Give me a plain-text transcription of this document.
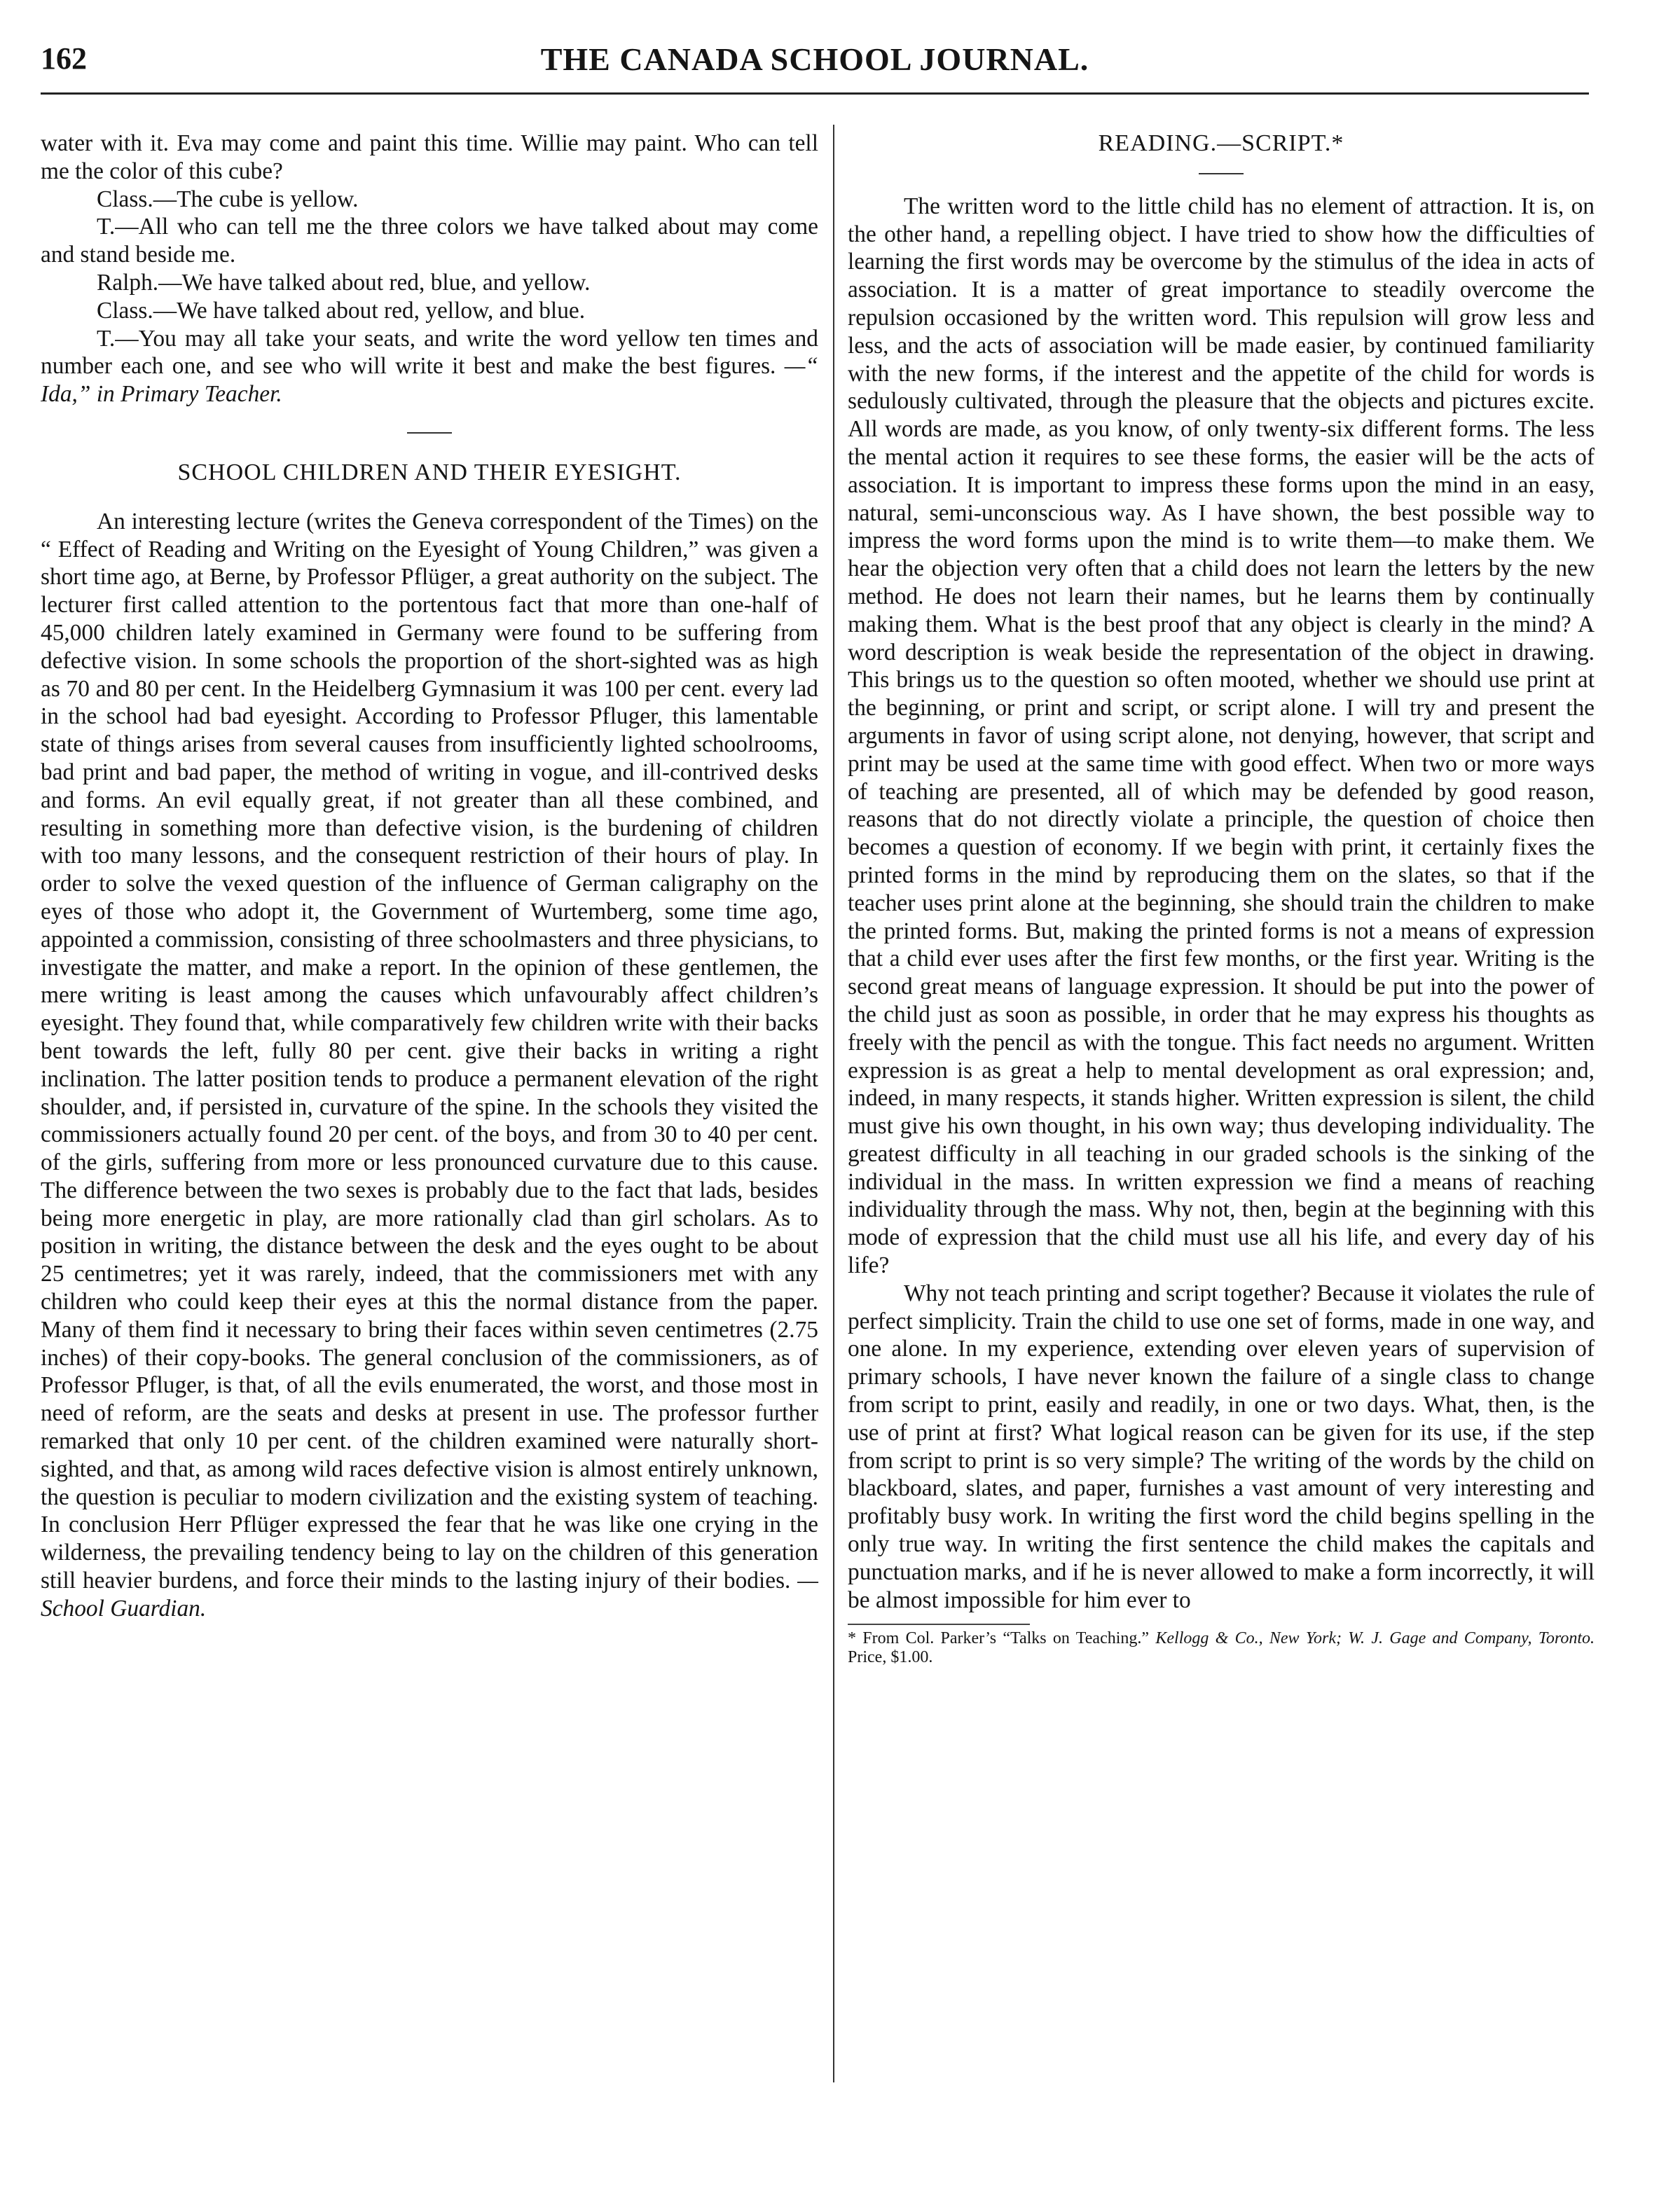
162	THE CANADA SCHOOL JOURNAL.

water with it. Eva may come and paint this time. Willie may paint. Who can tell me the color of this cube?

Class.—The cube is yellow.

T.—All who can tell me the three colors we have talked about may come and stand beside me.

Ralph.—We have talked about red, blue, and yellow.

Class.—We have talked about red, yellow, and blue.

T.—You may all take your seats, and write the word yellow ten times and number each one, and see who will write it best and make the best figures. —“ Ida,” in Primary Teacher.

SCHOOL CHILDREN AND THEIR EYESIGHT.

An interesting lecture (writes the Geneva correspondent of the Times) on the “ Effect of Reading and Writing on the Eyesight of Young Children,” was given a short time ago, at Berne, by Professor Pflüger, a great authority on the subject. The lecturer first called attention to the portentous fact that more than one-half of 45,000 children lately examined in Germany were found to be suffering from defective vision. In some schools the proportion of the short-sighted was as high as 70 and 80 per cent. In the Heidelberg Gymnasium it was 100 per cent. every lad in the school had bad eyesight. According to Professor Pfluger, this lamentable state of things arises from several causes from insufficiently lighted schoolrooms, bad print and bad paper, the method of writing in vogue, and ill-contrived desks and forms. An evil equally great, if not greater than all these combined, and resulting in something more than defective vision, is the burdening of children with too many lessons, and the consequent restriction of their hours of play. In order to solve the vexed question of the influence of German caligraphy on the eyes of those who adopt it, the Government of Wurtemberg, some time ago, appointed a commission, consisting of three schoolmasters and three physicians, to investigate the matter, and make a report. In the opinion of these gentlemen, the mere writing is least among the causes which unfavourably affect children’s eyesight. They found that, while comparatively few children write with their backs bent towards the left, fully 80 per cent. give their backs in writing a right inclination. The latter position tends to produce a permanent elevation of the right shoulder, and, if persisted in, curvature of the spine. In the schools they visited the commissioners actually found 20 per cent. of the boys, and from 30 to 40 per cent. of the girls, suffering from more or less pronounced curvature due to this cause. The difference between the two sexes is probably due to the fact that lads, besides being more energetic in play, are more rationally clad than girl scholars. As to position in writing, the distance between the desk and the eyes ought to be about 25 centimetres; yet it was rarely, indeed, that the commissioners met with any children who could keep their eyes at this the normal distance from the paper. Many of them find it necessary to bring their faces within seven centimetres (2.75 inches) of their copy-books. The general conclusion of the commissioners, as of Professor Pfluger, is that, of all the evils enumerated, the worst, and those most in need of reform, are the seats and desks at present in use. The professor further remarked that only 10 per cent. of the children examined were naturally short-sighted, and that, as among wild races defective vision is almost entirely unknown, the question is peculiar to modern civilization and the existing system of teaching. In conclusion Herr Pflüger expressed the fear that he was like one crying in the wilderness, the prevailing tendency being to lay on the children of this generation still heavier burdens, and force their minds to the lasting injury of their bodies. —School Guardian.

READING.—SCRIPT.*

The written word to the little child has no element of attraction. It is, on the other hand, a repelling object. I have tried to show how the difficulties of learning the first words may be overcome by the stimulus of the idea in acts of association. It is a matter of great importance to steadily overcome the repulsion occasioned by the written word. This repulsion will grow less and less, and the acts of association will be made easier, by continued familiarity with the new forms, if the interest and the appetite of the child for words is sedulously cultivated, through the pleasure that the objects and pictures excite. All words are made, as you know, of only twenty-six different forms. The less the mental action it requires to see these forms, the easier will be the acts of association. It is important to impress these forms upon the mind in an easy, natural, semi-unconscious way. As I have shown, the best possible way to impress the word forms upon the mind is to write them—to make them. We hear the objection very often that a child does not learn the letters by the new method. He does not learn their names, but he learns them by continually making them. What is the best proof that any object is clearly in the mind? A word description is weak beside the representation of the object in drawing. This brings us to the question so often mooted, whether we should use print at the beginning, or print and script, or script alone. I will try and present the arguments in favor of using script alone, not denying, however, that script and print may be used at the same time with good effect. When two or more ways of teaching are presented, all of which may be defended by good reason, reasons that do not directly violate a principle, the question of choice then becomes a question of economy. If we begin with print, it certainly fixes the printed forms in the mind by reproducing them on the slates, so that if the teacher uses print alone at the beginning, she should train the children to make the printed forms. But, making the printed forms is not a means of expression that a child ever uses after the first few months, or the first year. Writing is the second great means of language expression. It should be put into the power of the child just as soon as possible, in order that he may express his thoughts as freely with the pencil as with the tongue. This fact needs no argument. Written expression is as great a help to mental development as oral expression; and, indeed, in many respects, it stands higher. Written expression is silent, the child must give his own thought, in his own way; thus developing individuality. The greatest difficulty in all teaching in our graded schools is the sinking of the individual in the mass. In written expression we find a means of reaching individuality through the mass. Why not, then, begin at the beginning with this mode of expression that the child must use all his life, and every day of his life?

Why not teach printing and script together? Because it violates the rule of perfect simplicity. Train the child to use one set of forms, made in one way, and one alone. In my experience, extending over eleven years of supervision of primary schools, I have never known the failure of a single class to change from script to print, easily and readily, in one or two days. What, then, is the use of print at first? What logical reason can be given for its use, if the step from script to print is so very simple? The writing of the words by the child on blackboard, slates, and paper, furnishes a vast amount of very interesting and profitably busy work. In writing the first word the child begins spelling in the only true way. In writing the first sentence the child makes the capitals and punctuation marks, and if he is never allowed to make a form incorrectly, it will be almost impossible for him ever to

* From Col. Parker’s “Talks on Teaching.” Kellogg & Co., New York; W. J. Gage and Company, Toronto. Price, $1.00.
